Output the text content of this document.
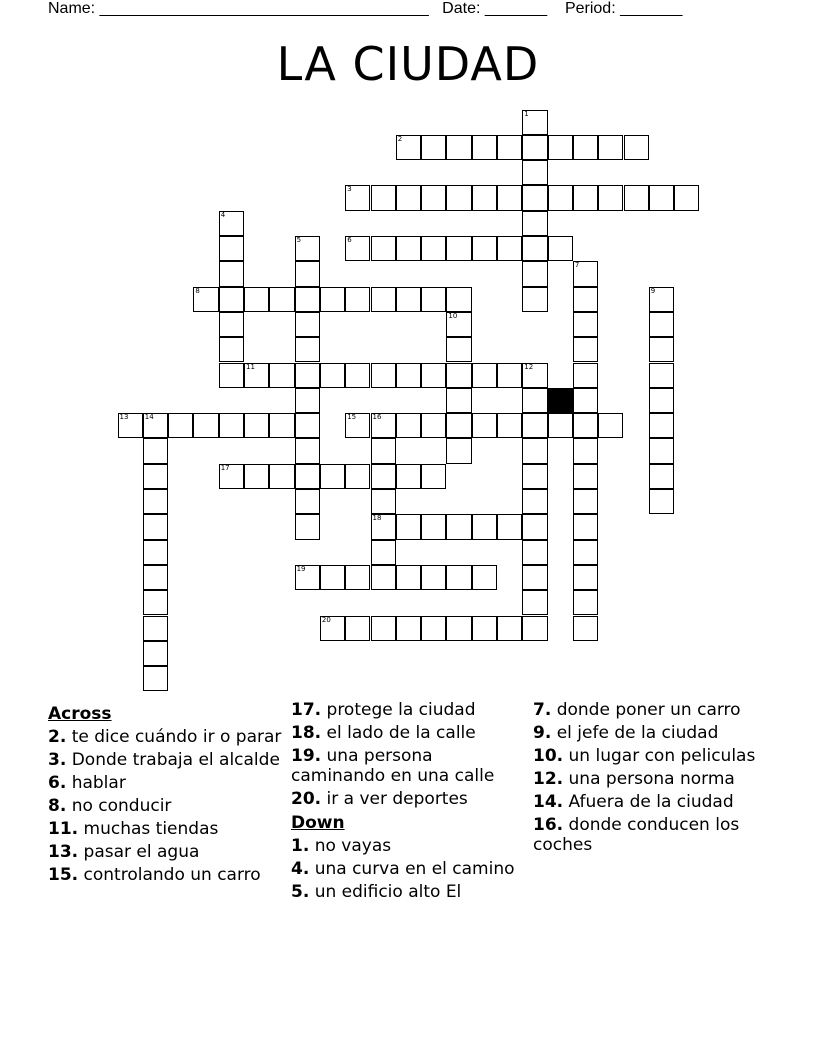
Name: _____________________________________ Date: _______ Period: _______
LA CIUDAD
1
2
3
4
5	6
7
8	9
10
11	12
13 14	15 16
18
17
19
20
Across
2. te dice cuándo ir o parar
3. Donde trabaja el alcalde
6. hablar
8. no conducir
11. muchas tiendas
13. pasar el agua
15. controlando un carro
17. protege la ciudad
18. el lado de la calle
19. una persona caminando en una calle
20. ir a ver deportes
Down
1. no vayas
4. una curva en el camino
5. un edificio alto El
7. donde poner un carro
9. el jefe de la ciudad
10. un lugar con peliculas
12. una persona norma
14. Afuera de la ciudad
16. donde conducen los coches
